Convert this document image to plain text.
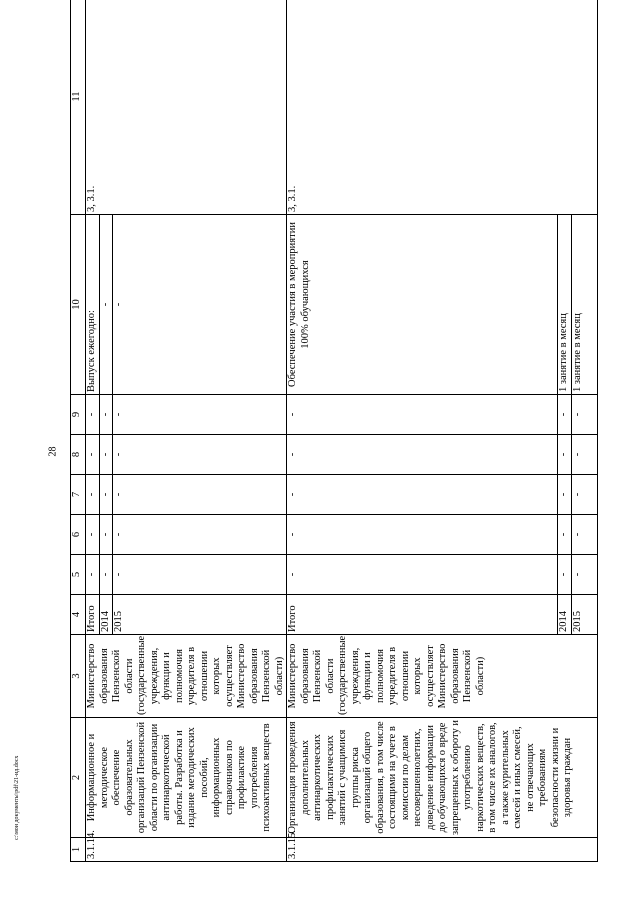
28
1	2	3	4	5	6	7	8	9	10	11
3.1.14.	Информационное и методическое обеспечение образовательных организаций Пензенской области по организации антинаркотической работы. Разработка и издание методических пособий, информационных справочников по профилактике употребления психоактивных веществ	Министерство образования Пензенской области (государственные учреждения, функции и полномочия учредителя в отношении которых осуществляет Министерство образования Пензенской области)	Итого	-	-	-	-	-	Выпуск ежегодно:	3, 3.1.
			2014	-	-	-	-	-	-	
			2015	-	-	-	-	-	-	
3.1.15.	Организация проведения дополнительных антинаркотических профилактических занятий с учащимися группы риска организаций общего образования, в том числе состоящими на учете в комиссии по делам несовершеннолетних, доведение информации до обучающихся о вреде запрещенных к обороту и употреблению наркотических веществ, в том числе их аналогов, а также курительных смесей и иных смесей, не отвечающих требованиям безопасности жизни и здоровья граждан	Министерство образования Пензенской области (государственные учреждения, функции и полномочия учредителя в отношении которых осуществляет Министерство образования Пензенской области)	Итого	-	-	-	-	-	Обеспечение участия в мероприятии 100% обучающихся	3, 3.1.
			2014	-	-	-	-	-	1 занятие в месяц	
			2015	-	-	-	-	-	1 занятие в месяц	
c:\мои документы\pdf\21-ид.docx
